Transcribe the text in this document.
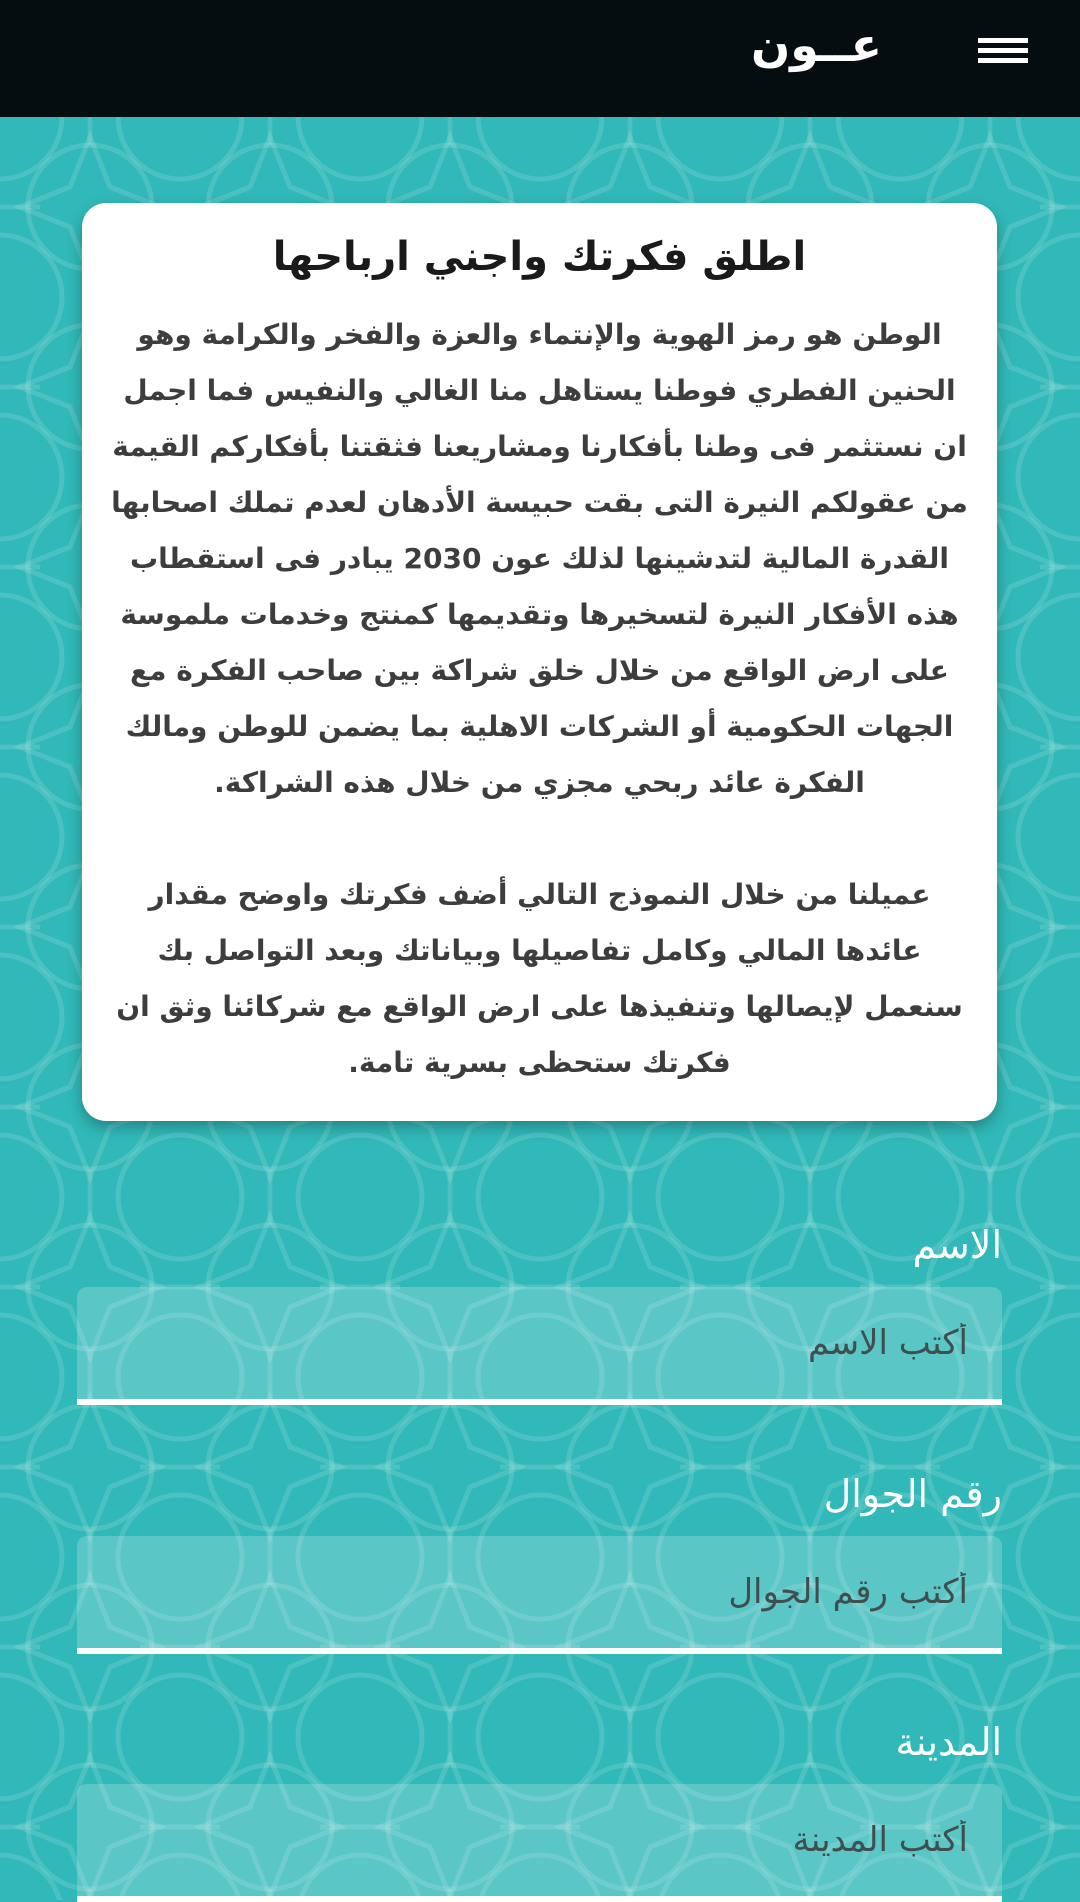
عــون
اطلق فكرتك واجني ارباحها

الوطن هو رمز الهوية والإنتماء والعزة والفخر والكرامة وهو الحنين الفطري فوطنا يستاهل منا الغالي والنفيس فما اجمل ان نستثمر فى وطنا بأفكارنا ومشاريعنا فثقتنا بأفكاركم القيمة من عقولكم النيرة التى بقت حبيسة الأدهان لعدم تملك اصحابها القدرة المالية لتدشينها لذلك عون 2030 يبادر فى استقطاب هذه الأفكار النيرة لتسخيرها وتقديمها كمنتج وخدمات ملموسة على ارض الواقع من خلال خلق شراكة بين صاحب الفكرة مع الجهات الحكومية أو الشركات الاهلية بما يضمن للوطن ومالك الفكرة عائد ربحي مجزي من خلال هذه الشراكة.

عميلنا من خلال النموذج التالي أضف فكرتك واوضح مقدار عائدها المالي وكامل تفاصيلها وبياناتك وبعد التواصل بك سنعمل لإيصالها وتنفيذها على ارض الواقع مع شركائنا وثق ان فكرتك ستحظى بسرية تامة.

الاسم
أكتب الاسم
رقم الجوال
أكتب رقم الجوال
المدينة
أكتب المدينة
